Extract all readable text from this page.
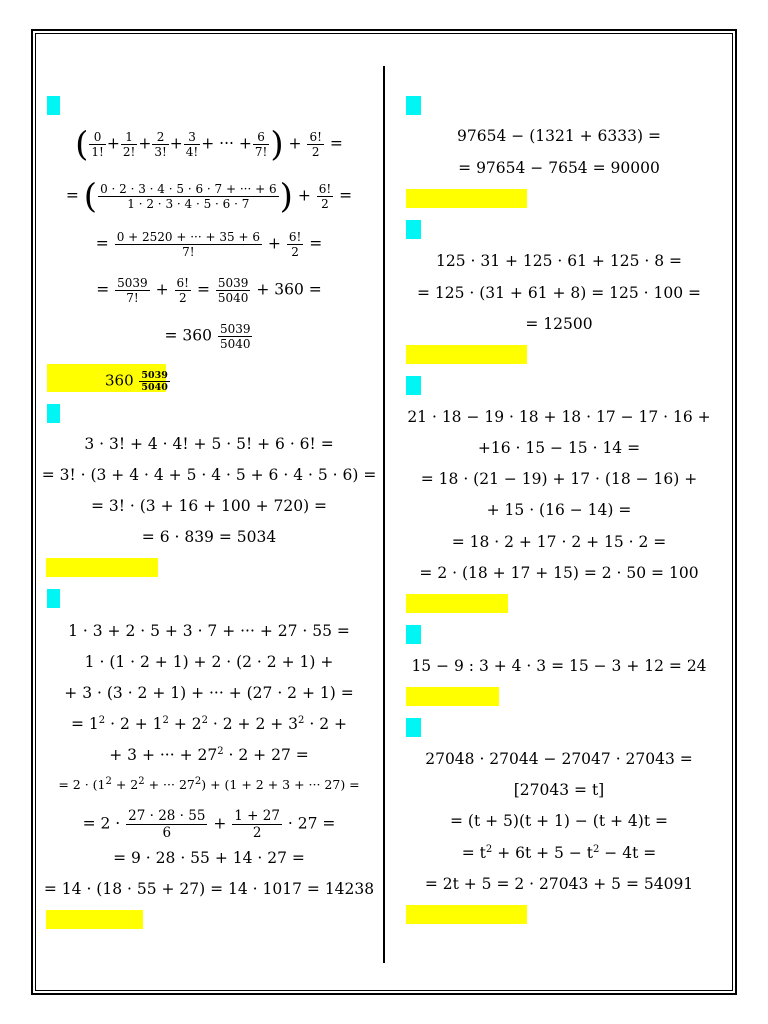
( $\frac{0}{1!} + \frac{1}{2!} + \frac{2}{3!} + \frac{3}{4!}$ + ··· + $\frac{6}{7!}$ ) + $\frac{6!}{2}$ =
= ( $\frac{0 \cdot 2 \cdot 3 \cdot 4 \cdot 5 \cdot 6 \cdot 7 + \cdot\cdot\cdot + 6}{1 \cdot 2 \cdot 3 \cdot 4 \cdot 5 \cdot 6 \cdot 7}$ ) + $\frac{6!}{2}$ =
= $\frac{0 + 2520 + \cdot\cdot\cdot + 35 + 6}{7!} + \frac{6!}{2}$ =
= $\frac{5039}{7!} + \frac{6!}{2} = \frac{5039}{5040} + 360$ =
= $360 \frac{5039}{5040}$
3 · 3! + 4 · 4! + 5 · 5! + 6 · 6! =
= 3! · (3 + 4 · 4 + 5 · 4 · 5 + 6 · 4 · 5 · 6) =
= 3! · (3 + 16 + 100 + 720) =
= 6 · 839 = 5034
1 · 3 + 2 · 5 + 3 · 7 + ··· + 27 · 55 =
1 · (1 · 2 + 1) + 2 · (2 · 2 + 1) +
+ 3 · (3 · 2 + 1) + ··· + (27 · 2 + 1) =
= $1^2 \cdot 2 + 1^2 + 2^2 \cdot 2 + 2 + 3^2 \cdot 2$ +
+ 3 + ··· + $27^2 \cdot 2 + 27$ =
= $2 \cdot (1^2 + 2^2$ + ··· $27^2) + (1 + 2 + 3$ + ··· 27) =
= $2 \cdot \frac{27 \cdot 28 \cdot 55}{6} + \frac{1 + 27}{2} \cdot 27$ =
= 9 · 28 · 55 + 14 · 27 =
= 14 · (18 · 55 + 27) = 14 · 1017 = 14238
$360 \frac{5039}{5040}$
97654 − (1321 + 6333) =
= 97654 − 7654 = 90000
125 · 31 + 125 · 61 + 125 · 8 =
= 125 · (31 + 61 + 8) = 125 · 100 =
= 12500
21 · 18 − 19 · 18 + 18 · 17 − 17 · 16 +
+16 · 15 − 15 · 14 =
= 18 · (21 − 19) + 17 · (18 − 16) +
+ 15 · (16 − 14) =
= 18 · 2 + 17 · 2 + 15 · 2 =
= 2 · (18 + 17 + 15) = 2 · 50 = 100
15 − 9 : 3 + 4 · 3 = 15 − 3 + 12 = 24
27048 · 27044 − 27047 · 27043 =
[27043 = t]
= (t + 5)(t + 1) − (t + 4)t =
= $t^2 + 6t + 5 - t^2 - 4t$ =
= 2t + 5 = 2 · 27043 + 5 = 54091
